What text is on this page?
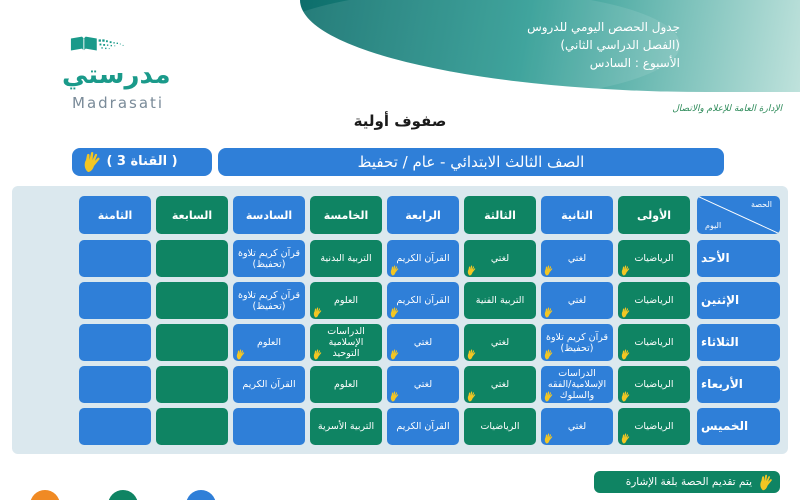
جدول الحصص اليومي للدروس
(الفصل الدراسي الثاني)
الأسبوع : السادس
مدرستي
Madrasati	الإدارة العامة للإعلام والاتصال
صفوف أولية
الصف الثالث الابتدائي - عام / تحفيظ
( القناة 3 )
الحصة
اليوم
الأولى
الثانية
الثالثة
الرابعة
الخامسة
السادسة
السابعة
الثامنة
الأحد
الرياضيات
لغتي
لغتي
القرآن الكريم
التربية البدنية
قرآن كريم تلاوة (تحفيظ)
الإثنين
الرياضيات
لغتي
التربية الفنية
القرآن الكريم
العلوم
قرآن كريم تلاوة (تحفيظ)
الثلاثاء
الرياضيات
قرآن كريم تلاوة (تحفيظ)
لغتي
لغتي
الدراسات الإسلامية التوحيد
العلوم
الأربعاء
الرياضيات
الدراسات الإسلامية/الفقه والسلوك
لغتي
لغتي
العلوم
القرآن الكريم
الخميس
الرياضيات
لغتي
الرياضيات
القرآن الكريم
التربية الأسرية
يتم تقديم الحصة بلغة الإشارة
